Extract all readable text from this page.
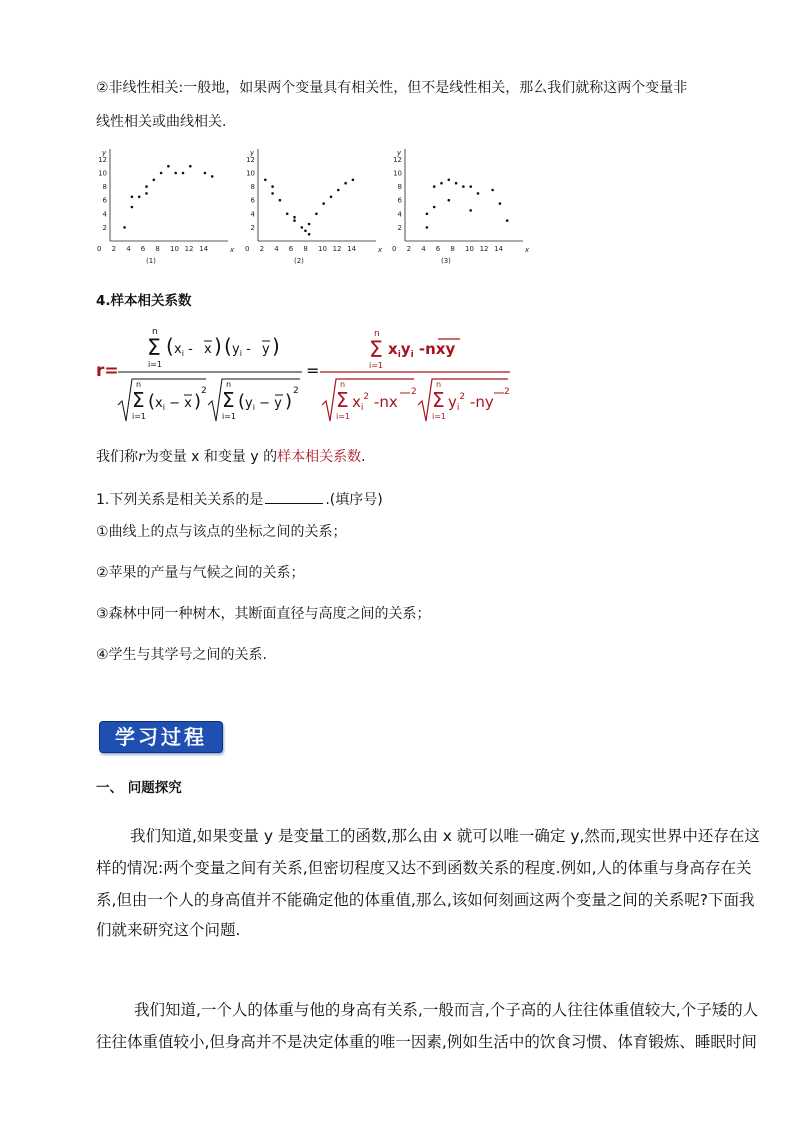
②非线性相关:一般地，如果两个变量具有相关性，但不是线性相关，那么我们就称这两个变量非
线性相关或曲线相关.
y
x
0 2 4 6 8 10 12 14
2
4
6
8
10
12
(1)
y
x
0 2 4 6 8 10 12 14
2
4
6
8
10
12
(2)
y
x
0 2 4 6 8 10 12 14
2
4
6
8
10
12
(3)
4.样本相关系数
r=
n
Σ
i=1
( $x_i$ - x ) ( $y_i$ - y )
n
Σ
i=1
( $x_i - x$ ) 2
n
Σ
i=1
( $y_i - y$ ) 2
=
n
Σ
i=1
$x_iy_i$ -nxy
n
Σ
i=1
$x_i^2$ -nx
2
n
Σ
i=1
$y_i^2$ -ny
2
我们称r为变量 x 和变量 y 的样本相关系数.
1.下列关系是相关关系的是	.(填序号)
①曲线上的点与该点的坐标之间的关系；
②苹果的产量与气候之间的关系；
③森林中同一种树木，其断面直径与高度之间的关系；
④学生与其学号之间的关系.
学习过程
一、 问题探究
我们知道,如果变量 y 是变量工的函数,那么由 x 就可以唯一确定 y,然而,现实世界中还存在这
样的情况:两个变量之间有关系,但密切程度又达不到函数关系的程度.例如,人的体重与身高存在关
系,但由一个人的身高值并不能确定他的体重值,那么,该如何刻画这两个变量之间的关系呢?下面我
们就来研究这个问题.
我们知道,一个人的体重与他的身高有关系,一般而言,个子高的人往往体重值较大,个子矮的人
往往体重值较小,但身高并不是决定体重的唯一因素,例如生活中的饮食习惯、体育锻炼、睡眠时间
